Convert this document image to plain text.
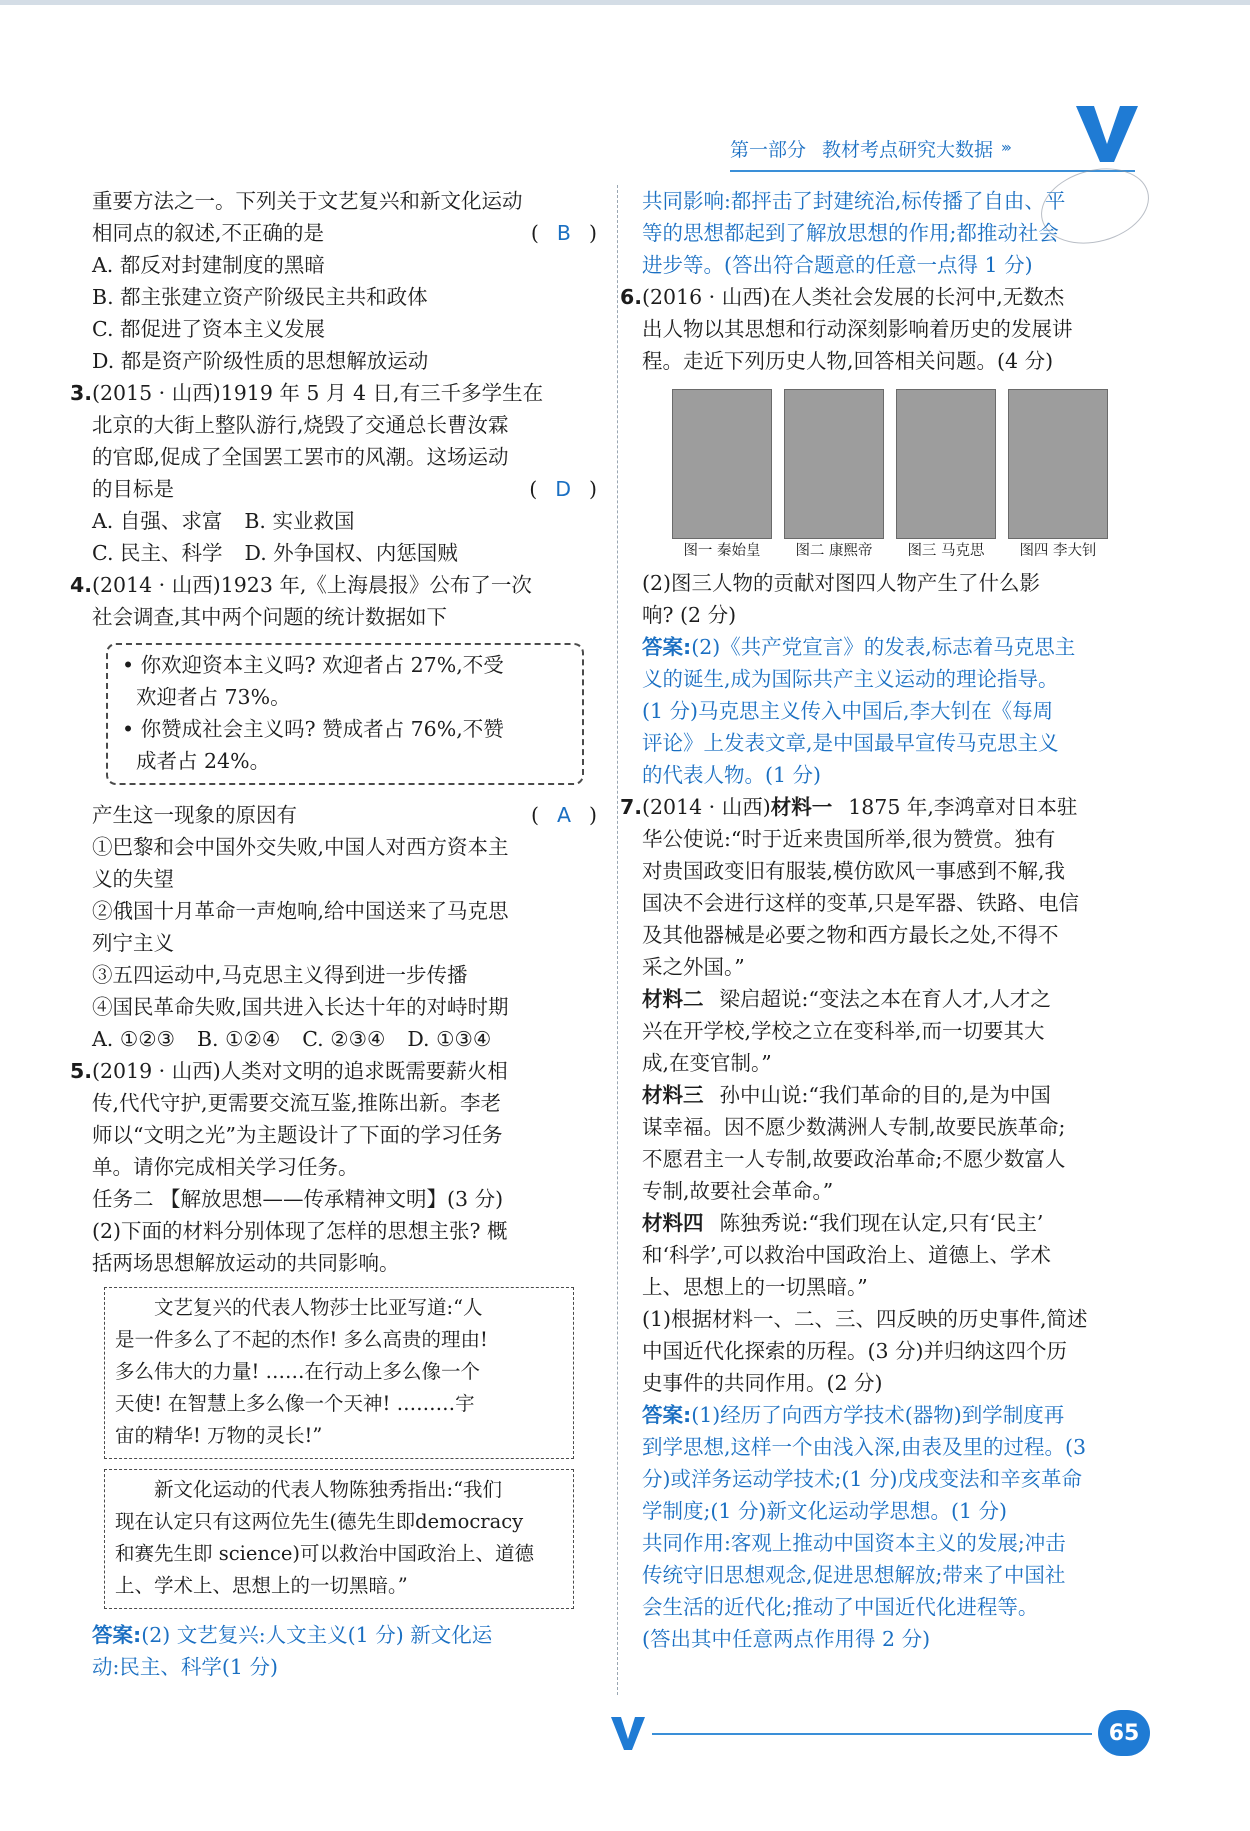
第一部分 教材考点研究大数据 ›››
重要方法之一。下列关于文艺复兴和新文化运动
相同点的叙述,不正确的是	( B )
A. 都反对封建制度的黑暗
B. 都主张建立资产阶级民主共和政体
C. 都促进了资本主义发展
D. 都是资产阶级性质的思想解放运动
3.(2015 · 山西)1919 年 5 月 4 日,有三千多学生在
北京的大街上整队游行,烧毁了交通总长曹汝霖
的官邸,促成了全国罢工罢市的风潮。这场运动
的目标是	( D )
A. 自强、求富 B. 实业救国
C. 民主、科学 D. 外争国权、内惩国贼
4.(2014 · 山西)1923 年,《上海晨报》公布了一次
社会调查,其中两个问题的统计数据如下
• 你欢迎资本主义吗? 欢迎者占 27%,不受
欢迎者占 73%。
• 你赞成社会主义吗? 赞成者占 76%,不赞
成者占 24%。
产生这一现象的原因有	( A )
①巴黎和会中国外交失败,中国人对西方资本主
义的失望
②俄国十月革命一声炮响,给中国送来了马克思
列宁主义
③五四运动中,马克思主义得到进一步传播
④国民革命失败,国共进入长达十年的对峙时期
A. ①②③ B. ①②④ C. ②③④ D. ①③④
5.(2019 · 山西)人类对文明的追求既需要薪火相
传,代代守护,更需要交流互鉴,推陈出新。李老
师以“文明之光”为主题设计了下面的学习任务
单。请你完成相关学习任务。
任务二 【解放思想——传承精神文明】(3 分)
(2)下面的材料分别体现了怎样的思想主张? 概
括两场思想解放运动的共同影响。
文艺复兴的代表人物莎士比亚写道:“人
是一件多么了不起的杰作! 多么高贵的理由!
多么伟大的力量! ……在行动上多么像一个
天使! 在智慧上多么像一个天神! ………宇
宙的精华! 万物的灵长!”
新文化运动的代表人物陈独秀指出:“我们
现在认定只有这两位先生(德先生即democracy
和赛先生即 science)可以救治中国政治上、道德
上、学术上、思想上的一切黑暗。”
答案:(2) 文艺复兴:人文主义(1 分) 新文化运
动:民主、科学(1 分)
共同影响:都抨击了封建统治,标传播了自由、平
等的思想都起到了解放思想的作用;都推动社会
进步等。(答出符合题意的任意一点得 1 分)
6.(2016 · 山西)在人类社会发展的长河中,无数杰
出人物以其思想和行动深刻影响着历史的发展讲
程。走近下列历史人物,回答相关问题。(4 分)
图一 秦始皇	图二 康熙帝	图三 马克思	图四 李大钊
(2)图三人物的贡献对图四人物产生了什么影
响? (2 分)
答案:(2)《共产党宣言》的发表,标志着马克思主
义的诞生,成为国际共产主义运动的理论指导。
(1 分)马克思主义传入中国后,李大钊在《每周
评论》上发表文章,是中国最早宣传马克思主义
的代表人物。(1 分)
7.(2014 · 山西)材料一 1875 年,李鸿章对日本驻
华公使说:“时于近来贵国所举,很为赞赏。独有
对贵国政变旧有服装,模仿欧风一事感到不解,我
国决不会进行这样的变革,只是军器、铁路、电信
及其他器械是必要之物和西方最长之处,不得不
采之外国。”
材料二 梁启超说:“变法之本在育人才,人才之
兴在开学校,学校之立在变科举,而一切要其大
成,在变官制。”
材料三 孙中山说:“我们革命的目的,是为中国
谋幸福。因不愿少数满洲人专制,故要民族革命;
不愿君主一人专制,故要政治革命;不愿少数富人
专制,故要社会革命。”
材料四 陈独秀说:“我们现在认定,只有‘民主’
和‘科学’,可以救治中国政治上、道德上、学术
上、思想上的一切黑暗。”
(1)根据材料一、二、三、四反映的历史事件,简述
中国近代化探索的历程。(3 分)并归纳这四个历
史事件的共同作用。(2 分)
答案:(1)经历了向西方学技术(器物)到学制度再
到学思想,这样一个由浅入深,由表及里的过程。(3
分)或洋务运动学技术;(1 分)戊戌变法和辛亥革命
学制度;(1 分)新文化运动学思想。(1 分)
共同作用:客观上推动中国资本主义的发展;冲击
传统守旧思想观念,促进思想解放;带来了中国社
会生活的近代化;推动了中国近代化进程等。
(答出其中任意两点作用得 2 分)
65
